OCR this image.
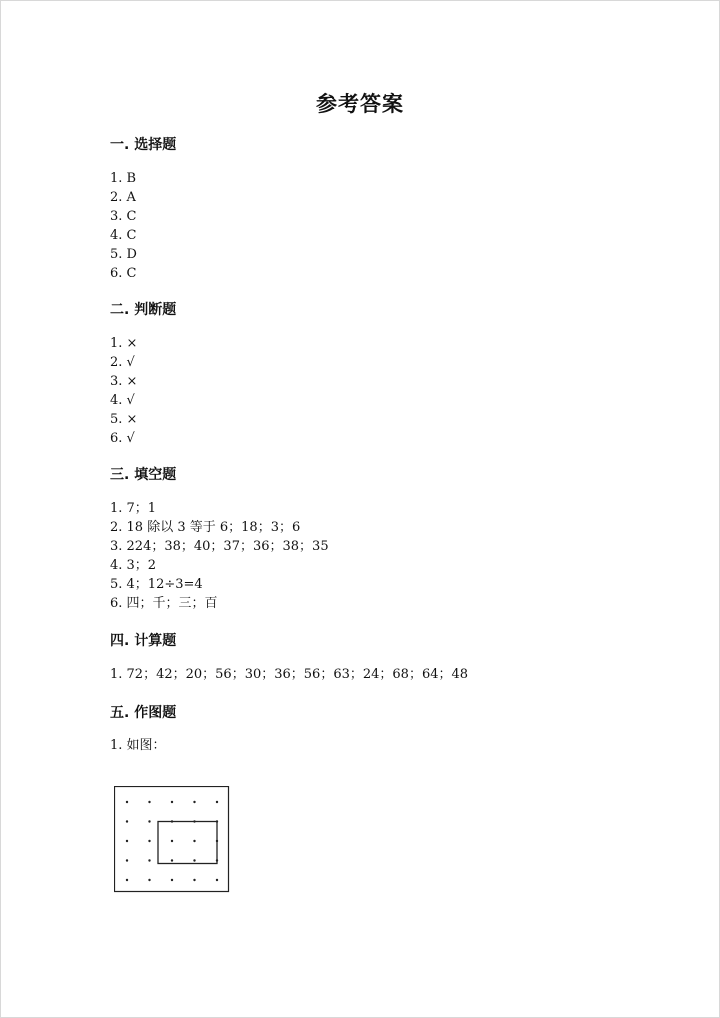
参考答案
一. 选择题
1. B
2. A
3. C
4. C
5. D
6. C
二. 判断题
1. ×
2. √
3. ×
4. √
5. ×
6. √
三. 填空题
1. 7；1
2. 18 除以 3 等于 6；18；3；6
3. 224；38；40；37；36；38；35
4. 3；2
5. 4；12÷3=4
6. 四；千；三；百
四. 计算题
1. 72；42；20；56；30；36；56；63；24；68；64；48
五. 作图题
1. 如图：
